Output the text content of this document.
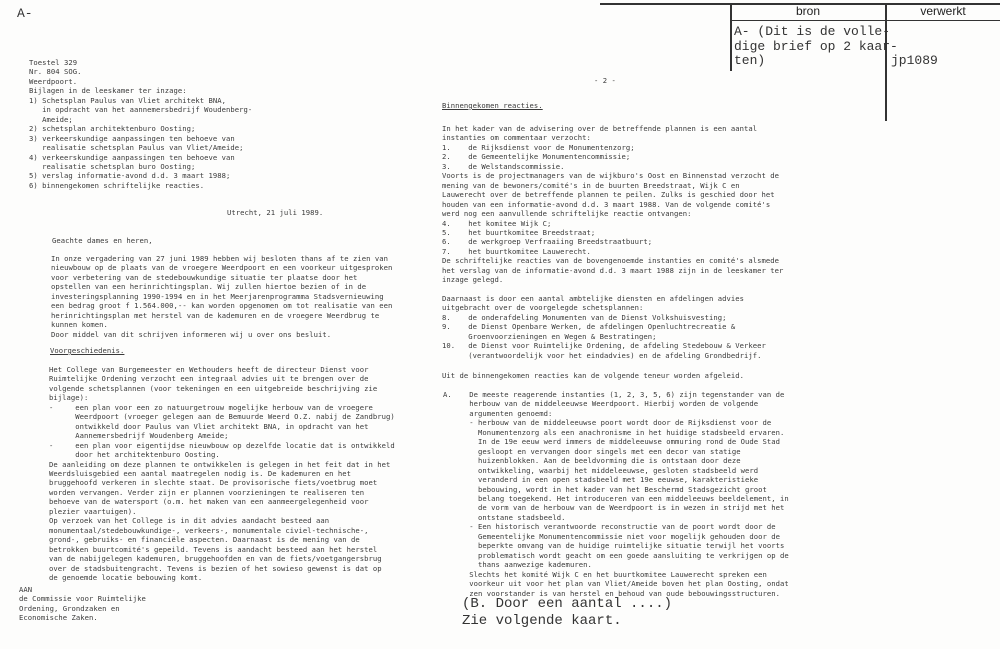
A-	bron	verwerkt
A- (Dit is de volle-
dige brief op 2 kaar-
ten)	jp1089
Toestel 329
Nr. 804 SOG.
Weerdpoort.
Bijlagen in de leeskamer ter inzage:
1) Schetsplan Paulus van Vliet architekt BNA,
in opdracht van het aannemersbedrijf Woudenberg-
Ameide;
2) schetsplan architektenburo Oosting;
3) verkeerskundige aanpassingen ten behoeve van
realisatie schetsplan Paulus van Vliet/Ameide;
4) verkeerskundige aanpassingen ten behoeve van
realisatie schetsplan buro Oosting;
5) verslag informatie-avond d.d. 3 maart 1988;
6) binnengekomen schriftelijke reacties.
Utrecht, 21 juli 1989.
Geachte dames en heren,
In onze vergadering van 27 juni 1989 hebben wij besloten thans af te zien van
nieuwbouw op de plaats van de vroegere Weerdpoort en een voorkeur uitgesproken
voor verbetering van de stedebouwkundige situatie ter plaatse door het
opstellen van een herinrichtingsplan. Wij zullen hiertoe bezien of in de
investeringsplanning 1990-1994 en in het Meerjarenprogramma Stadsvernieuwing
een bedrag groot f 1.564.000,-- kan worden opgenomen om tot realisatie van een
herinrichtingsplan met herstel van de kademuren en de vroegere Weerdbrug te
kunnen komen.
Door middel van dit schrijven informeren wij u over ons besluit.
Voorgeschiedenis.
Het College van Burgemeester en Wethouders heeft de directeur Dienst voor
Ruimtelijke Ordening verzocht een integraal advies uit te brengen over de
volgende schetsplannen (voor tekeningen en een uitgebreide beschrijving zie
bijlage):
-     een plan voor een zo natuurgetrouw mogelijke herbouw van de vroegere
Weerdpoort (vroeger gelegen aan de Bemuurde Weerd O.Z. nabij de Zandbrug)
ontwikkeld door Paulus van Vliet architekt BNA, in opdracht van het
Aannemersbedrijf Woudenberg Ameide;
-     een plan voor eigentijdse nieuwbouw op dezelfde locatie dat is ontwikkeld
door het architektenburo Oosting.
De aanleiding om deze plannen te ontwikkelen is gelegen in het feit dat in het
Weerdsluisgebied een aantal maatregelen nodig is. De kademuren en het
bruggehoofd verkeren in slechte staat. De provisorische fiets/voetbrug moet
worden vervangen. Verder zijn er plannen voorzieningen te realiseren ten
behoeve van de watersport (o.m. het maken van een aanmeergelegenheid voor
plezier vaartuigen).
Op verzoek van het College is in dit advies aandacht besteed aan
monumentaal/stedebouwkundige-, verkeers-, monumentale civiel-technische-,
grond-, gebruiks- en financiële aspecten. Daarnaast is de mening van de
betrokken buurtcomité's gepeild. Tevens is aandacht besteed aan het herstel
van de nabijgelegen kademuren, bruggehoofden en van de fiets/voetgangersbrug
over de stadsbuitengracht. Tevens is bezien of het sowieso gewenst is dat op
de genoemde locatie bebouwing komt.
AAN
de Commissie voor Ruimtelijke
Ordening, Grondzaken en
Economische Zaken.
- 2 -
Binnengekomen reacties.
In het kader van de advisering over de betreffende plannen is een aantal
instanties om commentaar verzocht:
1.    de Rijksdienst voor de Monumentenzorg;
2.    de Gemeentelijke Monumentencommissie;
3.    de Welstandscommissie.
Voorts is de projectmanagers van de wijkburo's Oost en Binnenstad verzocht de
mening van de bewoners/comité's in de buurten Breedstraat, Wijk C en
Lauwerecht over de betreffende plannen te peilen. Zulks is geschied door het
houden van een informatie-avond d.d. 3 maart 1988. Van de volgende comité's
werd nog een aanvullende schriftelijke reactie ontvangen:
4.    het komitee Wijk C;
5.    het buurtkomitee Breedstraat;
6.    de werkgroep Verfraaiing Breedstraatbuurt;
7.    het buurtkomitee Lauwerecht.
De schriftelijke reacties van de bovengenoemde instanties en comité's alsmede
het verslag van de informatie-avond d.d. 3 maart 1988 zijn in de leeskamer ter
inzage gelegd.
Daarnaast is door een aantal ambtelijke diensten en afdelingen advies
uitgebracht over de voorgelegde schetsplannen:
8.    de onderafdeling Monumenten van de Dienst Volkshuisvesting;
9.    de Dienst Openbare Werken, de afdelingen Openluchtrecreatie &
Groenvoorzieningen en Wegen & Bestratingen;
10.   de Dienst voor Ruimtelijke Ordening, de afdeling Stedebouw & Verkeer
(verantwoordelijk voor het eindadvies) en de afdeling Grondbedrijf.
Uit de binnengekomen reacties kan de volgende teneur worden afgeleid.
A.    De meeste reagerende instanties (1, 2, 3, 5, 6) zijn tegenstander van de
herbouw van de middeleeuwse Weerdpoort. Hierbij worden de volgende
argumenten genoemd:
- herbouw van de middeleeuwse poort wordt door de Rijksdienst voor de
Monumentenzorg als een anachronisme in het huidige stadsbeeld ervaren.
In de 19e eeuw werd immers de middeleeuwse ommuring rond de Oude Stad
gesloopt en vervangen door singels met een decor van statige
huizenblokken. Aan de beeldvorming die is ontstaan door deze
ontwikkeling, waarbij het middeleeuwse, gesloten stadsbeeld werd
veranderd in een open stadsbeeld met 19e eeuwse, karakteristieke
bebouwing, wordt in het kader van het Beschermd Stadsgezicht groot
belang toegekend. Het introduceren van een middeleeuws beeldelement, in
de vorm van de herbouw van de Weerdpoort is in wezen in strijd met het
ontstane stadsbeeld.
- Een historisch verantwoorde reconstructie van de poort wordt door de
Gemeentelijke Monumentencommissie niet voor mogelijk gehouden door de
beperkte omvang van de huidige ruimtelijke situatie terwijl het voorts
problematisch wordt geacht om een goede aansluiting te verkrijgen op de
thans aanwezige kademuren.
Slechts het komité Wijk C en het buurtkomitee Lauwerecht spreken een
voorkeur uit voor het plan van Vliet/Ameide boven het plan Oosting, ondat
zen voorstander is van herstel en behoud van oude bebouwingsstructuren.
(B. Door een aantal ....)
Zie volgende kaart.
